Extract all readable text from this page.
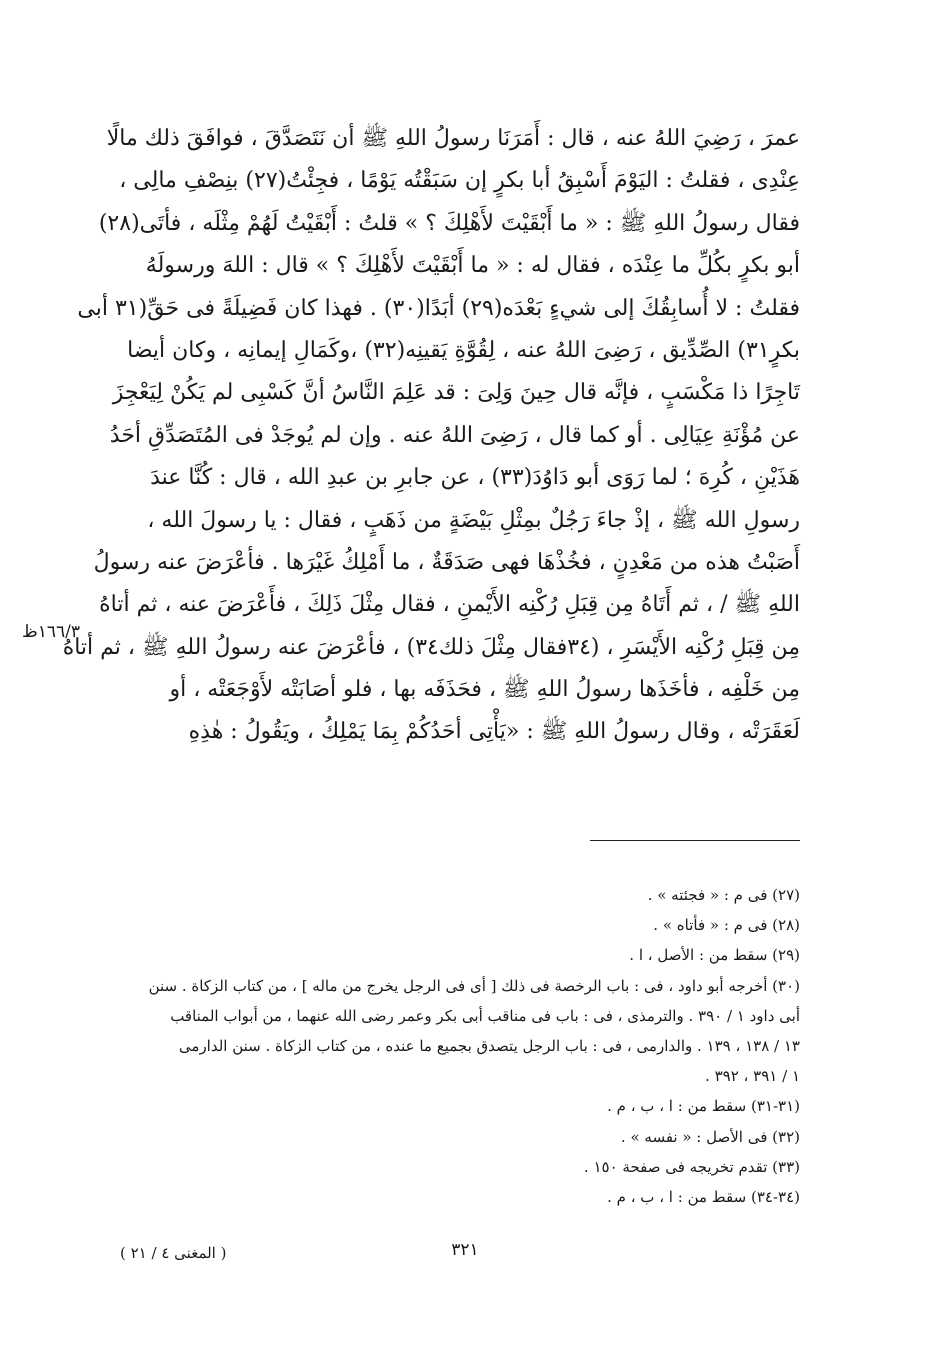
عمرَ ، رَضِيَ اللهُ عنه ، قال : أَمَرَنَا رسولُ اللهِ ﷺ أن نَتَصَدَّقَ ، فوافَقَ ذلك مالًا
عِنْدِى ، فقلتُ : اليَوْمَ أَسْبِقُ أبا بكرٍ إن سَبَقْتُه يَوْمًا ، فجِئْتُ(٢٧) بنِصْفِ مالِى ،
فقال رسولُ اللهِ ﷺ : « ما أَبْقَيْتَ لأَهْلِكَ ؟ » قلتُ : أَبْقَيْتُ لَهُمْ مِثْلَه ، فأتَى(٢٨)
أبو بكرٍ بكُلِّ ما عِنْدَه ، فقال له : « ما أَبْقَيْتَ لأَهْلِكَ ؟ » قال : اللهَ ورسولَهُ
فقلتُ : لا أُسابِقُكَ إلى شيءٍ بَعْدَه(٢٩) أبَدًا(٣٠) . فهذا كان فَضِيلَةً فى حَقِّ(٣١ أبى
بكرٍ٣١) الصِّدِّيق ، رَضِىَ اللهُ عنه ، لِقُوَّةِ يَقينِه(٣٢) ،وكَمَالِ إيمانِه ، وكان أيضا
تَاجِرًا ذا مَكْسَبٍ ، فإنَّه قال حِينَ وَلِىَ : قد عَلِمَ النَّاسُ أنَّ كَسْبِى لم يَكُنْ لِيَعْجِزَ
عن مُؤْنَةِ عِيَالِى . أو كما قال ، رَضِىَ اللهُ عنه . وإن لم يُوجَدْ فى المُتَصَدِّقِ أحَدُ
هَذَيْنِ ، كُرِهَ ؛ لما رَوَى أبو دَاوُدَ(٣٣) ، عن جابرِ بن عبدِ الله ، قال : كُنَّا عندَ
رسولِ الله ﷺ ، إذْ جاءَ رَجُلٌ بمِثْلِ بَيْضَةٍ من ذَهَبٍ ، فقال : يا رسولَ الله ،
أَصَبْتُ هذه من مَعْدِنٍ ، فخُذْهَا فهى صَدَقَةٌ ، ما أَمْلِكُ غَيْرَها . فأعْرَضَ عنه رسولُ
اللهِ ﷺ / ، ثم أَتَاهُ مِن قِبَلِ رُكْنِه الأَيْمنِ ، فقال مِثْلَ ذَلِكَ ، فأَعْرَضَ عنه ، ثم أتاهُ
مِن قِبَلِ رُكْنِه الأَيْسَرِ ، (٣٤فقال مِثْلَ ذلك٣٤) ، فأعْرَضَ عنه رسولُ اللهِ ﷺ ، ثم أتاهُ
مِن خَلْفِه ، فأخَذَها رسولُ اللهِ ﷺ ، فحَذَفَه بها ، فلو أصَابَتْه لأَوْجَعَتْه ، أو
لَعَقَرَتْه ، وقال رسولُ اللهِ ﷺ : «يَأْتِى أحَدُكُمْ بِمَا يَمْلِكُ ، ويَقُولُ : هٰذِهِ
١٦٦/٣ظ
(٢٧) فى م : « فجئته » .
(٢٨) فى م : « فأتاه » .
(٢٩) سقط من : الأصل ، ا .
(٣٠) أخرجه أبو داود ، فى : باب الرخصة فى ذلك [ أى فى الرجل يخرج من ماله ] ، من كتاب الزكاة . سنن
أبى داود ١ / ٣٩٠ . والترمذى ، فى : باب فى مناقب أبى بكر وعمر رضى الله عنهما ، من أبواب المناقب
١٣ / ١٣٨ ، ١٣٩ . والدارمى ، فى : باب الرجل يتصدق بجميع ما عنده ، من كتاب الزكاة . سنن الدارمى
١ / ٣٩١ ، ٣٩٢ .
(٣١-٣١) سقط من : ا ، ب ، م .
(٣٢) فى الأصل : « نفسه » .
(٣٣) تقدم تخريجه فى صفحة ١٥٠ .
(٣٤-٣٤) سقط من : ا ، ب ، م .
٣٢١
( المغنى ٤ / ٢١ )
